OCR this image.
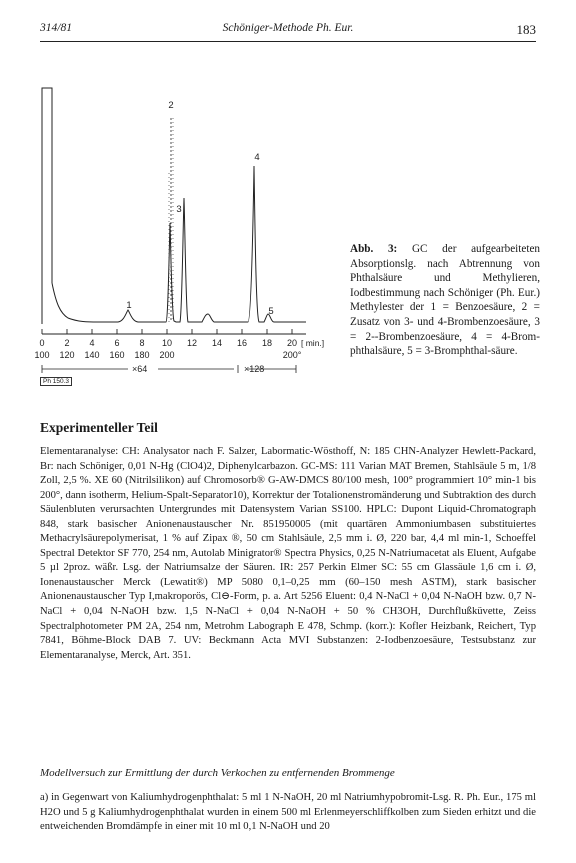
314/81	Schöniger-Methode Ph. Eur.	183
1
2
3
4
5
0 2 4 6 8 10 12 14 16 18 20 [ min.]
100 120 140 160 180 200	200°
×64	×128
Ph 150.3
Abb. 3: GC der aufgearbeiteten Absorptionslg. nach Abtrennung von Phthalsäure und Methylieren, Iodbestimmung nach Schöniger (Ph. Eur.) Methylester der 1 = Benzoesäure, 2 = Zusatz von 3- und 4-Brombenzoesäure, 3 = 2--Brombenzoesäure, 4 = 4-Brom-phthalsäure, 5 = 3-Bromphthal-säure.
Experimenteller Teil
Elementaranalyse: CH: Analysator nach F. Salzer, Labormatic-Wösthoff, N: 185 CHN-Analyzer Hewlett-Packard, Br: nach Schöniger, 0,01 N-Hg (ClO4)2, Diphenylcarbazon. GC-MS: 111 Varian MAT Bremen, Stahlsäule 5 m, 1/8 Zoll, 2,5 %. XE 60 (Nitrilsilikon) auf Chromosorb® G-AW-DMCS 80/100 mesh, 100° programmiert 10° min-1 bis 200°, dann isotherm, Helium-Spalt-Separator10), Korrektur der Totalionenstromänderung und Subtraktion des durch Säulenbluten verursachten Untergrundes mit Datensystem Varian SS100. HPLC: Dupont Liquid-Chromatograph 848, stark basischer Anionenaustauscher Nr. 851950005 (mit quartären Ammoniumbasen substituiertes Methacrylsäurepolymerisat, 1 % auf Zipax ®, 50 cm Stahlsäule, 2,5 mm i. Ø, 220 bar, 4,4 ml min-1, Schoeffel Spectral Detektor SF 770, 254 nm, Autolab Minigrator® Spectra Physics, 0,25 N-Natriumacetat als Eluent, Aufgabe 5 µl 2proz. wäßr. Lsg. der Natriumsalze der Säuren. IR: 257 Perkin Elmer SC: 55 cm Glassäule 1,6 cm i. Ø, Ionenaustauscher Merck (Lewatit®) MP 5080 0,1–0,25 mm (60–150 mesh ASTM), stark basischer Anionenaustauscher Typ I,makroporös, Cl⊖-Form, p. a. Art 5256 Eluent: 0,4 N-NaCl + 0,04 N-NaOH bzw. 0,7 N-NaCl + 0,04 N-NaOH bzw. 1,5 N-NaCl + 0,04 N-NaOH + 50 % CH3OH, Durchflußküvette, Zeiss Spectralphotometer PM 2A, 254 nm, Metrohm Labograph E 478, Schmp. (korr.): Kofler Heizbank, Reichert, Typ 7841, Böhme-Block DAB 7. UV: Beckmann Acta MVI Substanzen: 2-Iodbenzoesäure, Testsubstanz zur Elementaranalyse, Merck, Art. 351.
Modellversuch zur Ermittlung der durch Verkochen zu entfernenden Brommenge
a) in Gegenwart von Kaliumhydrogenphthalat: 5 ml 1 N-NaOH, 20 ml Natriumhypobromit-Lsg. R. Ph. Eur., 175 ml H2O und 5 g Kaliumhydrogenphthalat wurden in einem 500 ml Erlenmeyerschliffkolben zum Sieden erhitzt und die entweichenden Bromdämpfe in einer mit 10 ml 0,1 N-NaOH und 20
